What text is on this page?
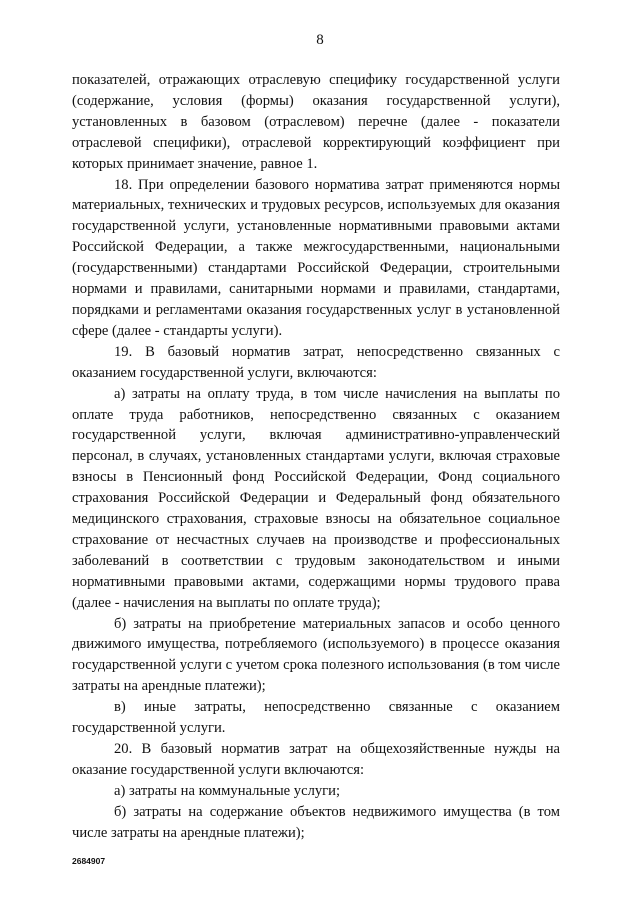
8

показателей, отражающих отраслевую специфику государственной услуги (содержание, условия (формы) оказания государственной услуги), установленных в базовом (отраслевом) перечне (далее - показатели отраслевой специфики), отраслевой корректирующий коэффициент при которых принимает значение, равное 1.

18. При определении базового норматива затрат применяются нормы материальных, технических и трудовых ресурсов, используемых для оказания государственной услуги, установленные нормативными правовыми актами Российской Федерации, а также межгосударственными, национальными (государственными) стандартами Российской Федерации, строительными нормами и правилами, санитарными нормами и правилами, стандартами, порядками и регламентами оказания государственных услуг в установленной сфере (далее - стандарты услуги).

19. В базовый норматив затрат, непосредственно связанных с оказанием государственной услуги, включаются:

а) затраты на оплату труда, в том числе начисления на выплаты по оплате труда работников, непосредственно связанных с оказанием государственной услуги, включая административно-управленческий персонал, в случаях, установленных стандартами услуги, включая страховые взносы в Пенсионный фонд Российской Федерации, Фонд социального страхования Российской Федерации и Федеральный фонд обязательного медицинского страхования, страховые взносы на обязательное социальное страхование от несчастных случаев на производстве и профессиональных заболеваний в соответствии с трудовым законодательством и иными нормативными правовыми актами, содержащими нормы трудового права (далее - начисления на выплаты по оплате труда);

б) затраты на приобретение материальных запасов и особо ценного движимого имущества, потребляемого (используемого) в процессе оказания государственной услуги с учетом срока полезного использования (в том числе затраты на арендные платежи);

в) иные затраты, непосредственно связанные с оказанием государственной услуги.

20. В базовый норматив затрат на общехозяйственные нужды на оказание государственной услуги включаются:

а) затраты на коммунальные услуги;

б) затраты на содержание объектов недвижимого имущества (в том числе затраты на арендные платежи);

2684907
